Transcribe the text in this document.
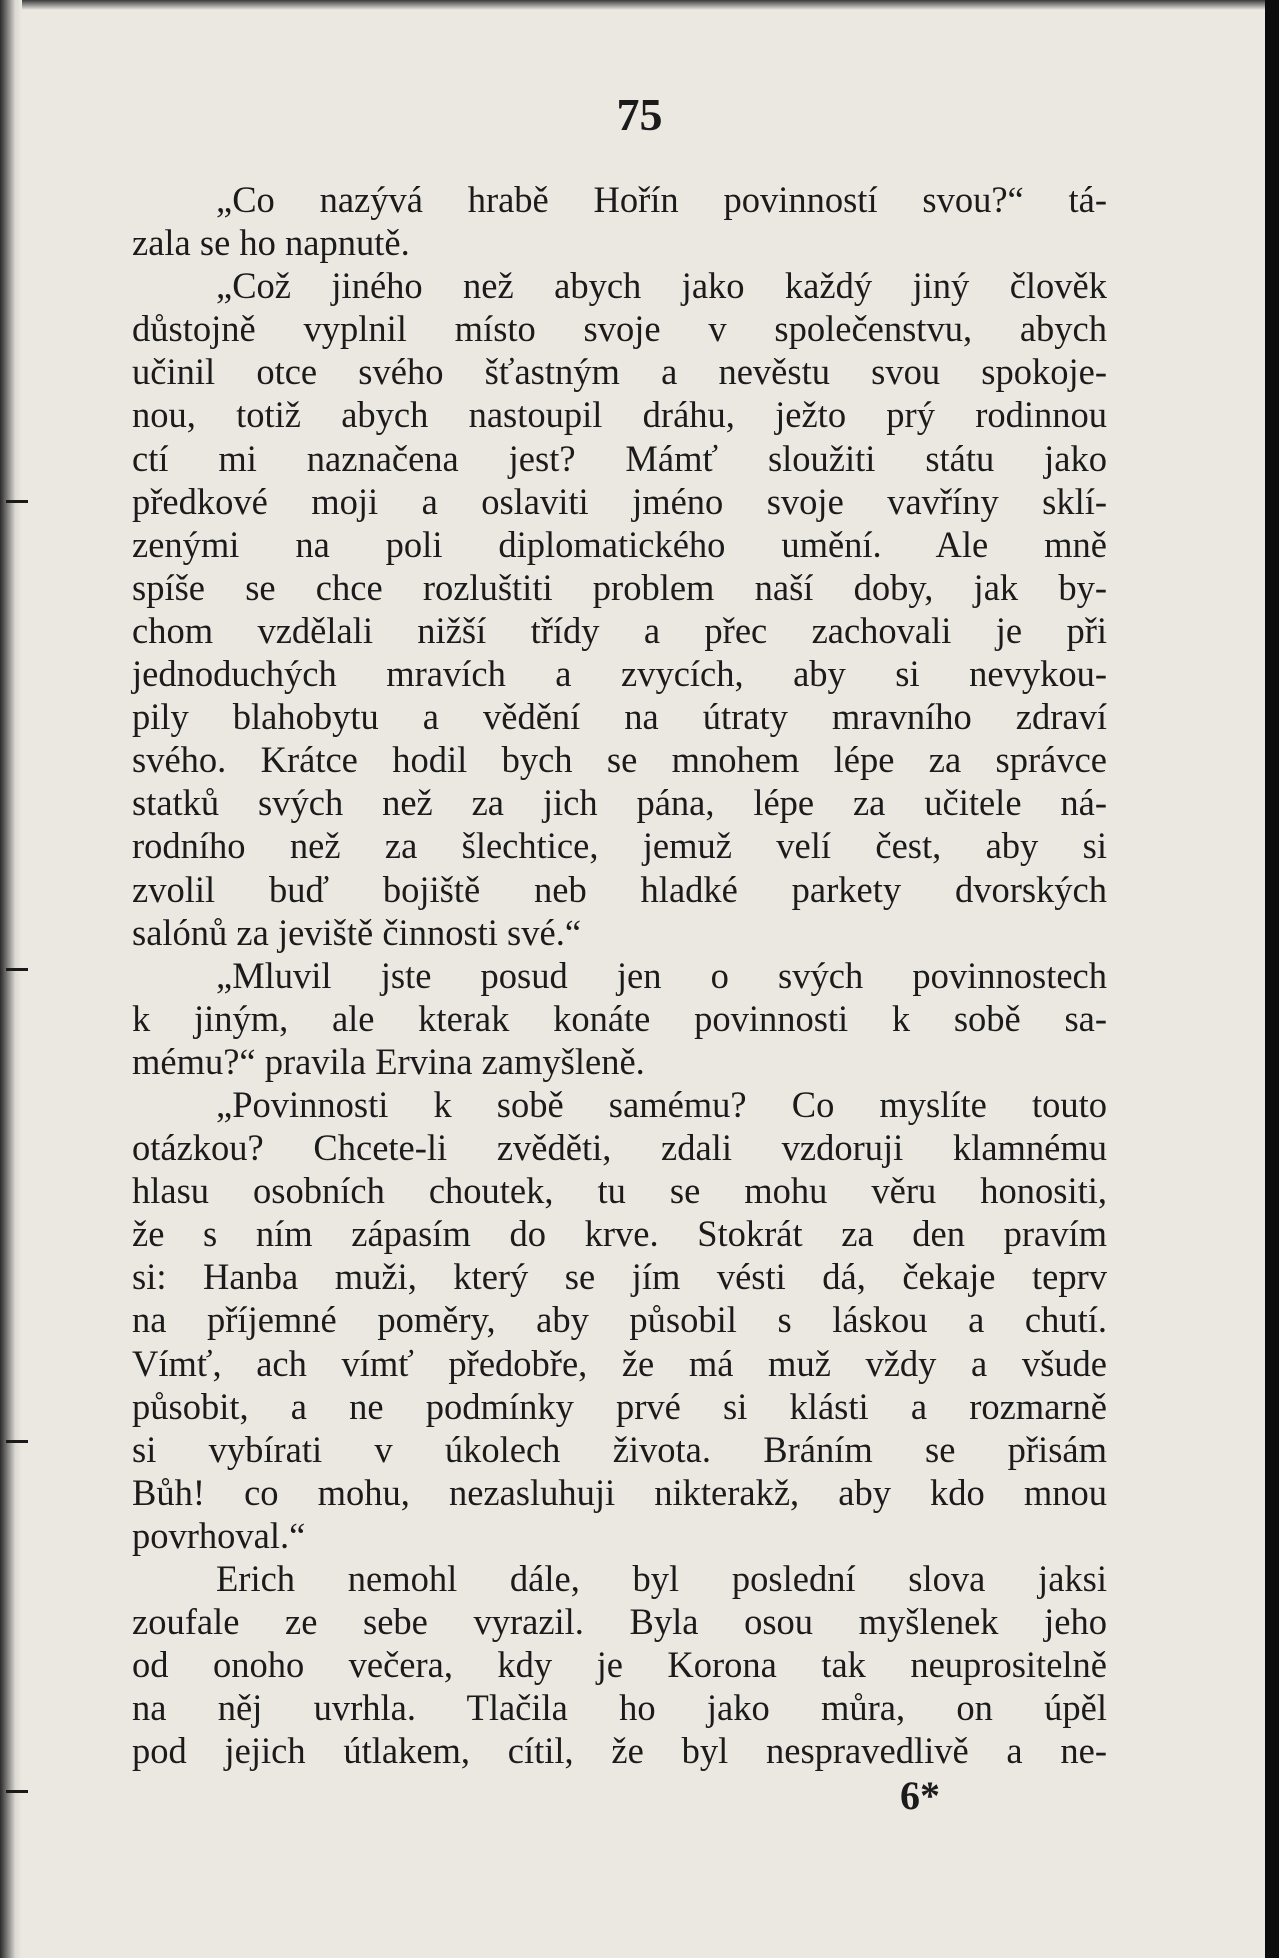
75
„Co nazývá hrabě Hořín povinností svou?“ tá-
zala se ho napnutě.
„Což jiného než abych jako každý jiný člověk
důstojně vyplnil místo svoje v společenstvu, abych
učinil otce svého šťastným a nevěstu svou spokoje-
nou, totiž abych nastoupil dráhu, ježto prý rodinnou
ctí mi naznačena jest? Mámť sloužiti státu jako
předkové moji a oslaviti jméno svoje vavříny sklí-
zenými na poli diplomatického umění. Ale mně
spíše se chce rozluštiti problem naší doby, jak by-
chom vzdělali nižší třídy a přec zachovali je při
jednoduchých mravích a zvycích, aby si nevykou-
pily blahobytu a vědění na útraty mravního zdraví
svého. Krátce hodil bych se mnohem lépe za správce
statků svých než za jich pána, lépe za učitele ná-
rodního než za šlechtice, jemuž velí čest, aby si
zvolil buď bojiště neb hladké parkety dvorských
salónů za jeviště činnosti své.“
„Mluvil jste posud jen o svých povinnostech
k jiným, ale kterak konáte povinnosti k sobě sa-
mému?“ pravila Ervina zamyšleně.
„Povinnosti k sobě samému? Co myslíte touto
otázkou? Chcete-li zvěděti, zdali vzdoruji klamnému
hlasu osobních choutek, tu se mohu věru honositi,
že s ním zápasím do krve. Stokrát za den pravím
si: Hanba muži, který se jím vésti dá, čekaje teprv
na příjemné poměry, aby působil s láskou a chutí.
Vímť, ach vímť předobře, že má muž vždy a všude
působit, a ne podmínky prvé si klásti a rozmarně
si vybírati v úkolech života. Bráním se přisám
Bůh! co mohu, nezasluhuji nikterakž, aby kdo mnou
povrhoval.“
Erich nemohl dále, byl poslední slova jaksi
zoufale ze sebe vyrazil. Byla osou myšlenek jeho
od onoho večera, kdy je Korona tak neuprositelně
na něj uvrhla. Tlačila ho jako můra, on úpěl
pod jejich útlakem, cítil, že byl nespravedlivě a ne-
6*
